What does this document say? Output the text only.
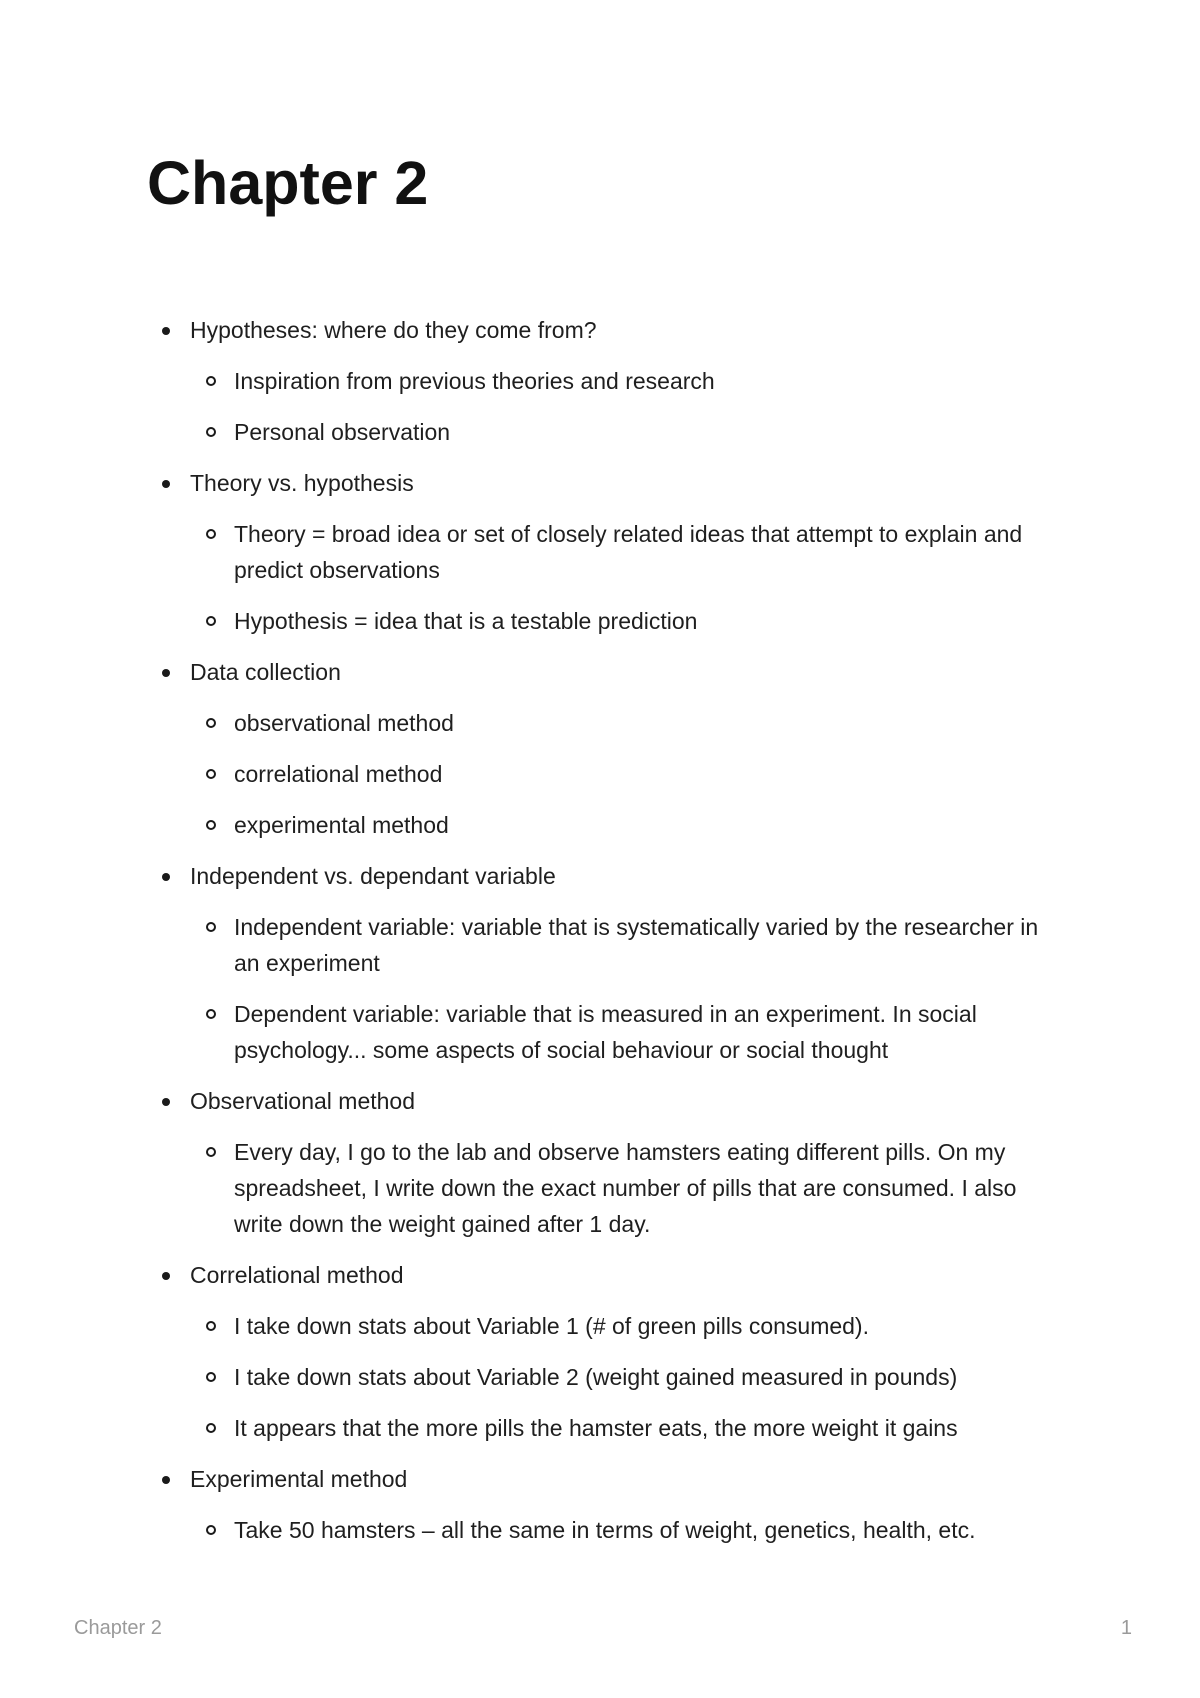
Chapter 2
Hypotheses: where do they come from?
Inspiration from previous theories and research
Personal observation
Theory vs. hypothesis
Theory = broad idea or set of closely related ideas that attempt to explain and predict observations
Hypothesis = idea that is a testable prediction
Data collection
observational method
correlational method
experimental method
Independent vs. dependant variable
Independent variable: variable that is systematically varied by the researcher in an experiment
Dependent variable: variable that is measured in an experiment. In social psychology... some aspects of social behaviour or social thought
Observational method
Every day, I go to the lab and observe hamsters eating different pills. On my spreadsheet, I write down the exact number of pills that are consumed. I also write down the weight gained after 1 day.
Correlational method
I take down stats about Variable 1 (# of green pills consumed).
I take down stats about Variable 2 (weight gained measured in pounds)
It appears that the more pills the hamster eats, the more weight it gains
Experimental method
Take 50 hamsters – all the same in terms of weight, genetics, health, etc.
Chapter 2	1
